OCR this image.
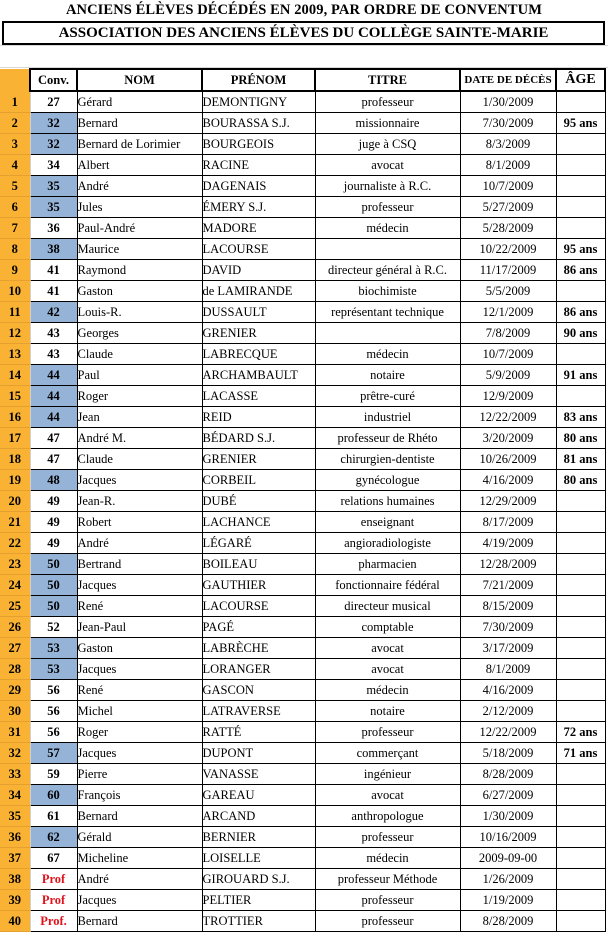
ANCIENS ÉLÈVES DÉCÉDÉS EN 2009, PAR ORDRE DE CONVENTUM
ASSOCIATION DES ANCIENS ÉLÈVES DU COLLÈGE SAINTE-MARIE
	Conv.	NOM	PRÉNOM	TITRE	DATE DE DÉCÈS	ÂGE
1	27	Gérard	DEMONTIGNY	professeur	1/30/2009	
2	32	Bernard	BOURASSA S.J.	missionnaire	7/30/2009	95 ans
3	32	Bernard de Lorimier	BOURGEOIS	juge à CSQ	8/3/2009	
4	34	Albert	RACINE	avocat	8/1/2009	
5	35	André	DAGENAIS	journaliste à R.C.	10/7/2009	
6	35	Jules	ÉMERY S.J.	professeur	5/27/2009	
7	36	Paul-André	MADORE	médecin	5/28/2009	
8	38	Maurice	LACOURSE		10/22/2009	95 ans
9	41	Raymond	DAVID	directeur général à R.C.	11/17/2009	86 ans
10	41	Gaston	de LAMIRANDE	biochimiste	5/5/2009	
11	42	Louis-R.	DUSSAULT	représentant technique	12/1/2009	86 ans
12	43	Georges	GRENIER		7/8/2009	90 ans
13	43	Claude	LABRECQUE	médecin	10/7/2009	
14	44	Paul	ARCHAMBAULT	notaire	5/9/2009	91 ans
15	44	Roger	LACASSE	prêtre-curé	12/9/2009	
16	44	Jean	REID	industriel	12/22/2009	83 ans
17	47	André M.	BÉDARD S.J.	professeur de Rhéto	3/20/2009	80 ans
18	47	Claude	GRENIER	chirurgien-dentiste	10/26/2009	81 ans
19	48	Jacques	CORBEIL	gynécologue	4/16/2009	80 ans
20	49	Jean-R.	DUBÉ	relations humaines	12/29/2009	
21	49	Robert	LACHANCE	enseignant	8/17/2009	
22	49	André	LÉGARÉ	angioradiologiste	4/19/2009	
23	50	Bertrand	BOILEAU	pharmacien	12/28/2009	
24	50	Jacques	GAUTHIER	fonctionnaire fédéral	7/21/2009	
25	50	René	LACOURSE	directeur musical	8/15/2009	
26	52	Jean-Paul	PAGÉ	comptable	7/30/2009	
27	53	Gaston	LABRÈCHE	avocat	3/17/2009	
28	53	Jacques	LORANGER	avocat	8/1/2009	
29	56	René	GASCON	médecin	4/16/2009	
30	56	Michel	LATRAVERSE	notaire	2/12/2009	
31	56	Roger	RATTÉ	professeur	12/22/2009	72 ans
32	57	Jacques	DUPONT	commerçant	5/18/2009	71 ans
33	59	Pierre	VANASSE	ingénieur	8/28/2009	
34	60	François	GAREAU	avocat	6/27/2009	
35	61	Bernard	ARCAND	anthropologue	1/30/2009	
36	62	Gérald	BERNIER	professeur	10/16/2009	
37	67	Micheline	LOISELLE	médecin	2009-09-00	
38	Prof	André	GIROUARD S.J.	professeur Méthode	1/26/2009	
39	Prof	Jacques	PELTIER	professeur	1/19/2009	
40	Prof.	Bernard	TROTTIER	professeur	8/28/2009	
